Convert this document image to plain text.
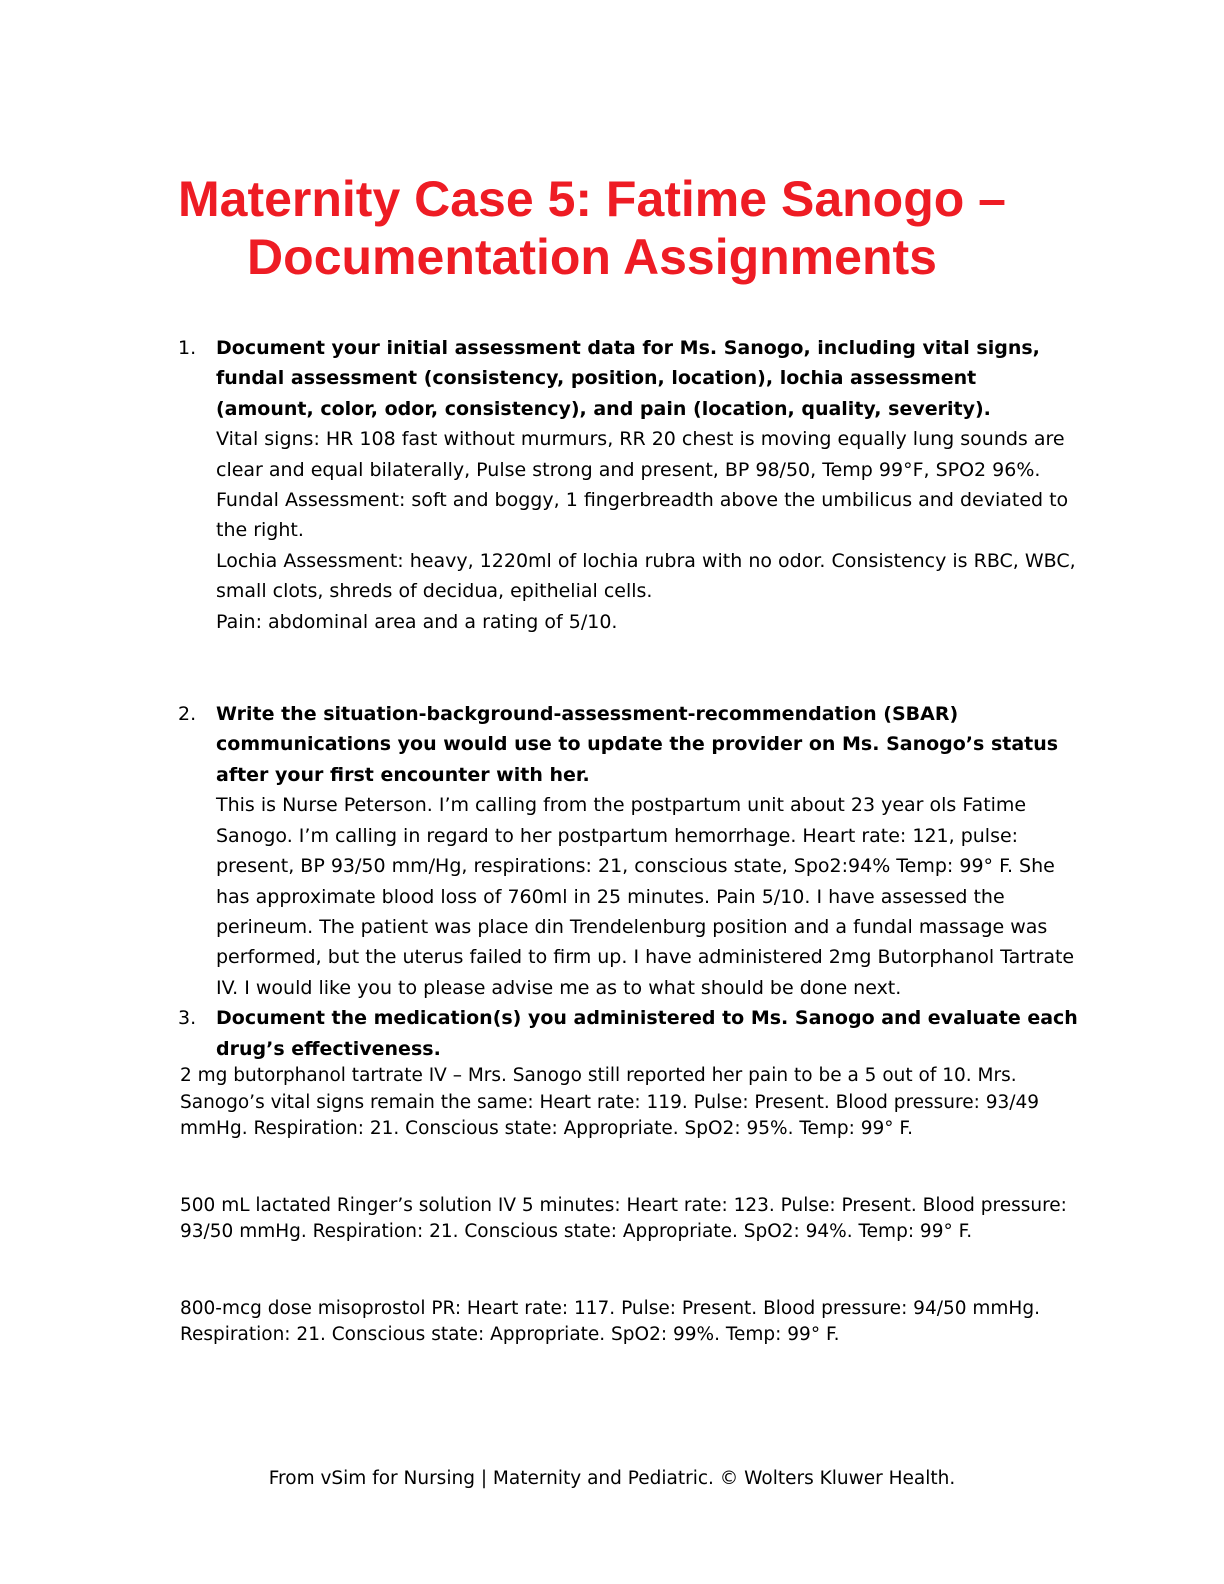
Maternity Case 5: Fatime Sanogo –
Documentation Assignments
1. Document your initial assessment data for Ms. Sanogo, including vital signs, fundal assessment (consistency, position, location), lochia assessment (amount, color, odor, consistency), and pain (location, quality, severity).
Vital signs: HR 108 fast without murmurs, RR 20 chest is moving equally lung sounds are clear and equal bilaterally, Pulse strong and present, BP 98/50, Temp 99°F, SPO2 96%.
Fundal Assessment: soft and boggy, 1 fingerbreadth above the umbilicus and deviated to the right.
Lochia Assessment: heavy, 1220ml of lochia rubra with no odor. Consistency is RBC, WBC, small clots, shreds of decidua, epithelial cells.
Pain: abdominal area and a rating of 5/10.
2. Write the situation-background-assessment-recommendation (SBAR) communications you would use to update the provider on Ms. Sanogo’s status after your first encounter with her.
This is Nurse Peterson. I’m calling from the postpartum unit about 23 year ols Fatime Sanogo. I’m calling in regard to her postpartum hemorrhage. Heart rate: 121, pulse: present, BP 93/50 mm/Hg, respirations: 21, conscious state, Spo2:94% Temp: 99° F. She has approximate blood loss of 760ml in 25 minutes. Pain 5/10. I have assessed the perineum. The patient was place din Trendelenburg position and a fundal massage was performed, but the uterus failed to firm up. I have administered 2mg Butorphanol Tartrate IV. I would like you to please advise me as to what should be done next.
3. Document the medication(s) you administered to Ms. Sanogo and evaluate each drug’s effectiveness.

2 mg butorphanol tartrate IV – Mrs. Sanogo still reported her pain to be a 5 out of 10. Mrs. Sanogo’s vital signs remain the same: Heart rate: 119. Pulse: Present. Blood pressure: 93/49 mmHg. Respiration: 21. Conscious state: Appropriate. SpO2: 95%. Temp: 99° F.

500 mL lactated Ringer’s solution IV 5 minutes: Heart rate: 123. Pulse: Present. Blood pressure: 93/50 mmHg. Respiration: 21. Conscious state: Appropriate. SpO2: 94%. Temp: 99° F.

800-mcg dose misoprostol PR: Heart rate: 117. Pulse: Present. Blood pressure: 94/50 mmHg. Respiration: 21. Conscious state: Appropriate. SpO2: 99%. Temp: 99° F.

From vSim for Nursing | Maternity and Pediatric. © Wolters Kluwer Health.
